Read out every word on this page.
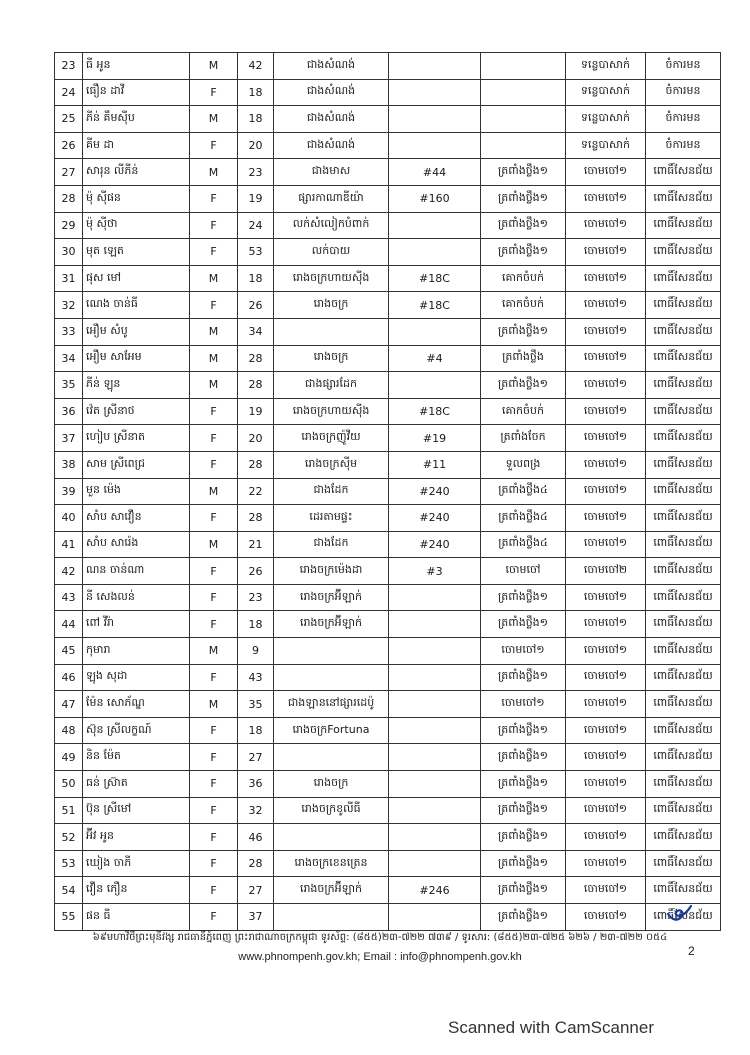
23	ធី អូន	M	42	ជាងសំណង់			ទន្លេបាសាក់	ចំការមន
24	ធឿន ដាវី	F	18	ជាងសំណង់			ទន្លេបាសាក់	ចំការមន
25	ភីន់ គឹមស៊ីប	M	18	ជាងសំណង់			ទន្លេបាសាក់	ចំការមន
26	គីម ដា	F	20	ជាងសំណង់			ទន្លេបាសាក់	ចំការមន
27	សារុន លីភីន់	M	23	ជាងមាស	#44	ត្រពាំងថ្លឹង១	ចោមចៅ១	ពោធិ៍សែនជ័យ
28	ម៉ុ ស៊ីផន	F	19	ផ្សារកាណាឌីយ៉ា	#160	ត្រពាំងថ្លឹង១	ចោមចៅ១	ពោធិ៍សែនជ័យ
29	ម៉ុ ស៊ីថា	F	24	លក់សំលៀកបំពាក់		ត្រពាំងថ្លឹង១	ចោមចៅ១	ពោធិ៍សែនជ័យ
30	មុត ឡេត	F	53	លក់បាយ		ត្រពាំងថ្លឹង១	ចោមចៅ១	ពោធិ៍សែនជ័យ
31	ផុស មៅ	M	18	រោងចក្រហាយស៊ីង	#18C	គោកចំបក់	ចោមចៅ១	ពោធិ៍សែនជ័យ
32	ណេង ចាន់ធី	F	26	រោងចក្រ	#18C	គោកចំបក់	ចោមចៅ១	ពោធិ៍សែនជ័យ
33	អឿម សំបូ	M	34			ត្រពាំងថ្លឹង១	ចោមចៅ១	ពោធិ៍សែនជ័យ
34	អឿម សាអែម	M	28	រោងចក្រ	#4	ត្រពាំងថ្លឹង	ចោមចៅ១	ពោធិ៍សែនជ័យ
35	ភីន់ ឡុន	M	28	ជាងផ្សារដែក		ត្រពាំងថ្លឹង១	ចោមចៅ១	ពោធិ៍សែនជ័យ
36	វ៉េត ស្រីនាថ	F	19	រោងចក្រហាយស៊ីង	#18C	គោកចំបក់	ចោមចៅ១	ពោធិ៍សែនជ័យ
37	ហៀប ស្រីនាត	F	20	រោងចក្រញ៉ូវីយ	#19	ត្រពាំងចែក	ចោមចៅ១	ពោធិ៍សែនជ័យ
38	សាម ស្រីពេជ្រ	F	28	រោងចក្រស៊ីម	#11	ទួលពង្រ	ចោមចៅ១	ពោធិ៍សែនជ័យ
39	មួន ម៉េង	M	22	ជាងដែក	#240	ត្រពាំងថ្លឹង៤	ចោមចៅ១	ពោធិ៍សែនជ័យ
40	សាំប សាវឿន	F	28	ដេរតាមផ្ទះ	#240	ត្រពាំងថ្លឹង៤	ចោមចៅ១	ពោធិ៍សែនជ័យ
41	សាំប សារ៉េង	M	21	ជាងដែក	#240	ត្រពាំងថ្លឹង៤	ចោមចៅ១	ពោធិ៍សែនជ័យ
42	ណន ចាន់ណា	F	26	រោងចក្រម៉េងដា	#3	ចោមចៅ	ចោមចៅ២	ពោធិ៍សែនជ័យ
43	នី សេងលន់	F	23	រោងចក្រអ៊ីឡាក់		ត្រពាំងថ្លឹង១	ចោមចៅ១	ពោធិ៍សែនជ័យ
44	ពៅ វីរ៉ា	F	18	រោងចក្រអ៊ីឡាក់		ត្រពាំងថ្លឹង១	ចោមចៅ១	ពោធិ៍សែនជ័យ
45	កុមារា	M	9			ចោមចៅ១	ចោមចៅ១	ពោធិ៍សែនជ័យ
46	ឡុង សុដា	F	43			ត្រពាំងថ្លឹង១	ចោមចៅ១	ពោធិ៍សែនជ័យ
47	ម៉ែន សោភ័ណ្ឌ	M	35	ជាងឡាននៅផ្សារដេប៉ូ		ចោមចៅ១	ចោមចៅ១	ពោធិ៍សែនជ័យ
48	ស៊ុន ស្រីលក្ខណ៍	F	18	រោងចក្រFortuna		ត្រពាំងថ្លឹង១	ចោមចៅ១	ពោធិ៍សែនជ័យ
49	និន ម៉ែត	F	27			ត្រពាំងថ្លឹង១	ចោមចៅ១	ពោធិ៍សែនជ័យ
50	ធន់ ស្រ៊ាត	F	36	រោងចក្រ		ត្រពាំងថ្លឹង១	ចោមចៅ១	ពោធិ៍សែនជ័យ
51	ប៊ុន ស្រីមៅ	F	32	រោងចក្រខូលីធី		ត្រពាំងថ្លឹង១	ចោមចៅ១	ពោធិ៍សែនជ័យ
52	អ៊ីវ អូន	F	46			ត្រពាំងថ្លឹង១	ចោមចៅ១	ពោធិ៍សែនជ័យ
53	ឃៀង ចាភី	F	28	រោងចក្រខេនត្រេន		ត្រពាំងថ្លឹង១	ចោមចៅ១	ពោធិ៍សែនជ័យ
54	វឿន ភឿន	F	27	រោងចក្រអ៊ីឡាក់	#246	ត្រពាំងថ្លឹង១	ចោមចៅ១	ពោធិ៍សែនជ័យ
55	ផន ធី	F	37			ត្រពាំងថ្លឹង១	ចោមចៅ១	ពោធិ៍សែនជ័យ
៦៩មហាវិថីព្រះមុនីវង្ស រាជធានីភ្នំពេញ ព្រះរាជាណាចក្រកម្ពុជា ទូរស័ព្ទ: (៨៥៥)២៣-៧២២ ៧៣៩ / ទូរសារ: (៨៥៥)២៣-៧២៥ ៦២៦ / ២៣-៧២២ ០៥៤
www.phnompenh.gov.kh; Email : info@phnompenh.gov.kh	2
Scanned with CamScanner
